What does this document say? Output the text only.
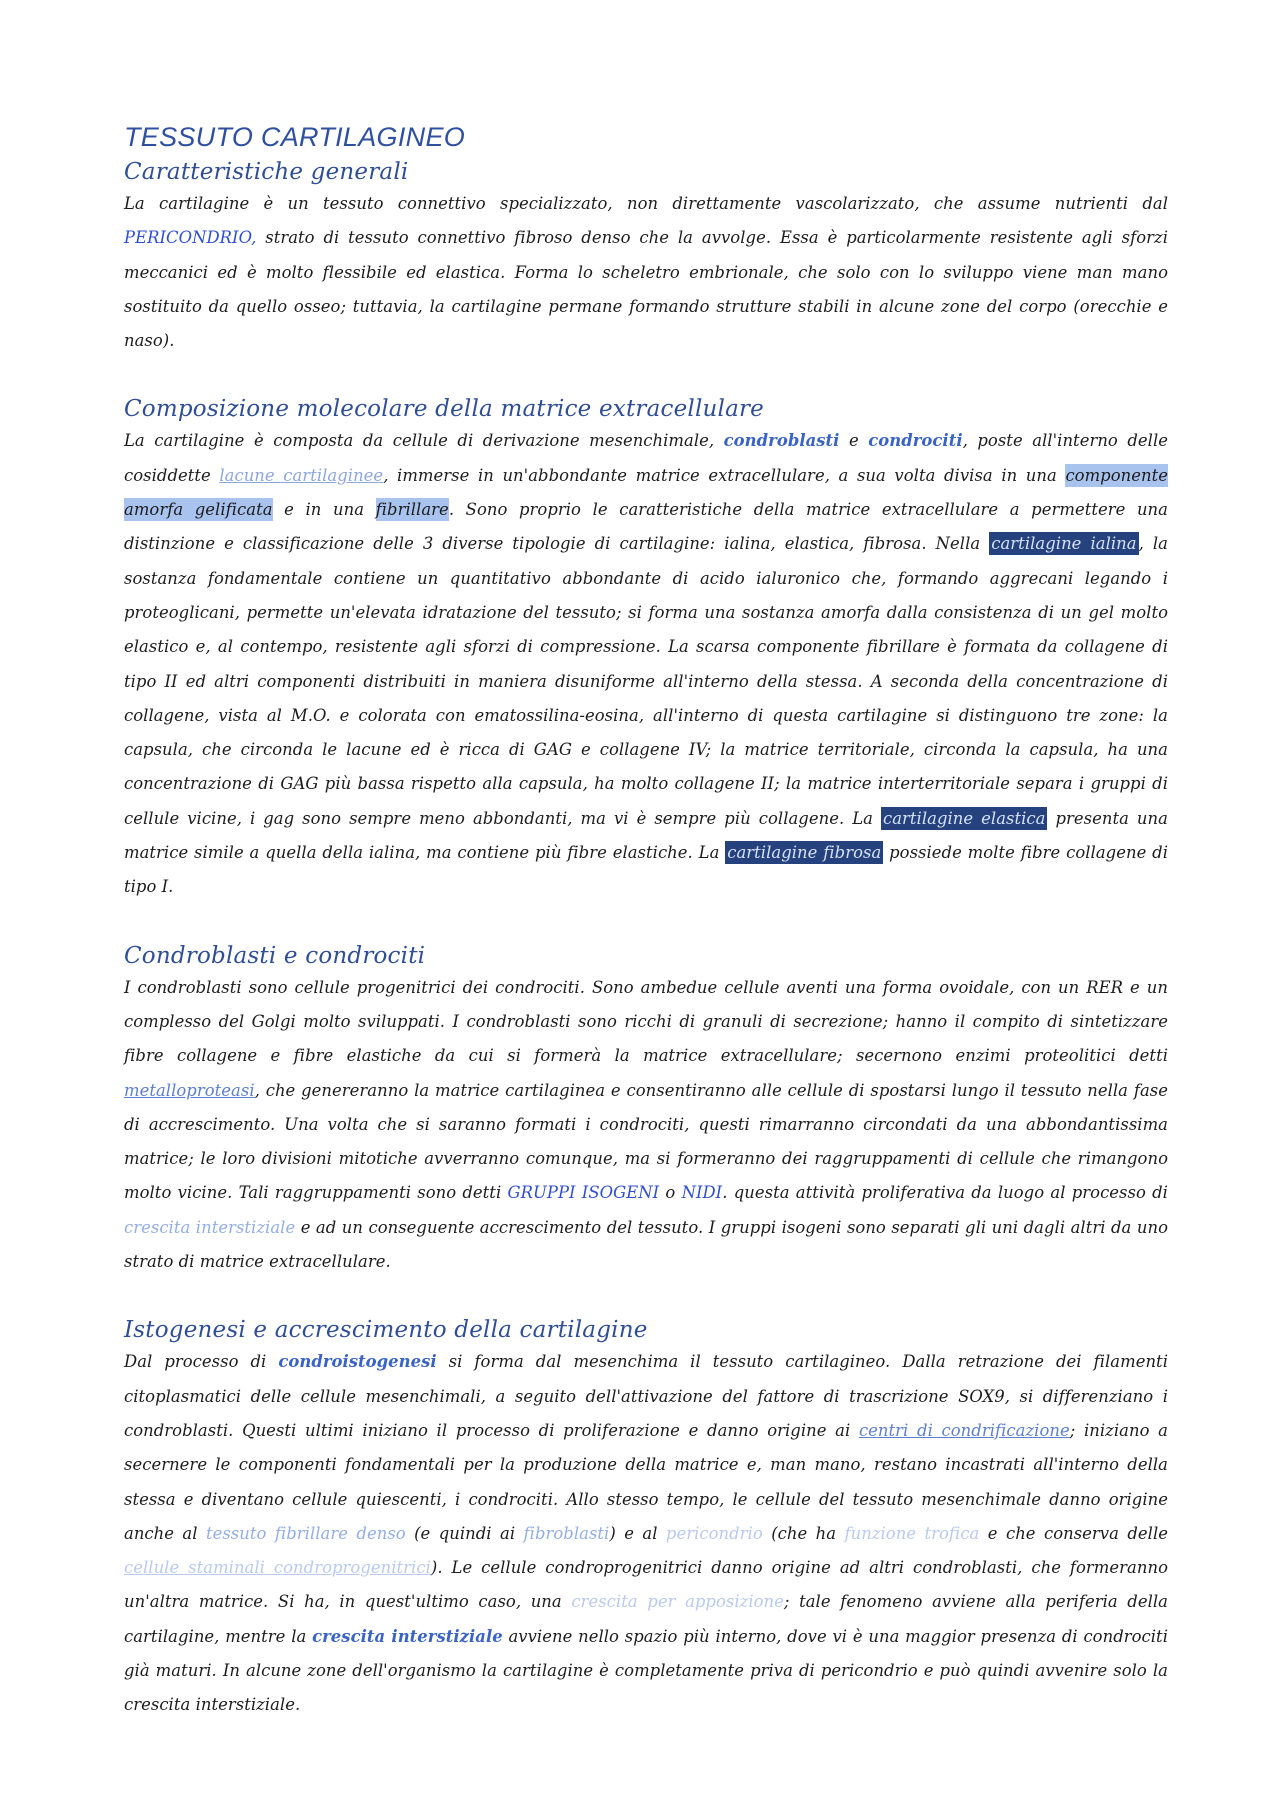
TESSUTO CARTILAGINEO
Caratteristiche generali

La cartilagine è un tessuto connettivo specializzato, non direttamente vascolarizzato, che assume nutrienti dal PERICONDRIO, strato di tessuto connettivo fibroso denso che la avvolge. Essa è particolarmente resistente agli sforzi meccanici ed è molto flessibile ed elastica. Forma lo scheletro embrionale, che solo con lo sviluppo viene man mano sostituito da quello osseo; tuttavia, la cartilagine permane formando strutture stabili in alcune zone del corpo (orecchie e naso).

Composizione molecolare della matrice extracellulare

La cartilagine è composta da cellule di derivazione mesenchimale, condroblasti e condrociti, poste all'interno delle cosiddette lacune cartilaginee, immerse in un'abbondante matrice extracellulare, a sua volta divisa in una componente amorfa gelificata e in una fibrillare. Sono proprio le caratteristiche della matrice extracellulare a permettere una distinzione e classificazione delle 3 diverse tipologie di cartilagine: ialina, elastica, fibrosa. Nella cartilagine ialina , la sostanza fondamentale contiene un quantitativo abbondante di acido ialuronico che, formando aggrecani legando i proteoglicani, permette un'elevata idratazione del tessuto; si forma una sostanza amorfa dalla consistenza di un gel molto elastico e, al contempo, resistente agli sforzi di compressione. La scarsa componente fibrillare è formata da collagene di tipo II ed altri componenti distribuiti in maniera disuniforme all'interno della stessa. A seconda della concentrazione di collagene, vista al M.O. e colorata con ematossilina-eosina, all'interno di questa cartilagine si distinguono tre zone: la capsula, che circonda le lacune ed è ricca di GAG e collagene IV; la matrice territoriale, circonda la capsula, ha una concentrazione di GAG più bassa rispetto alla capsula, ha molto collagene II; la matrice interterritoriale separa i gruppi di cellule vicine, i gag sono sempre meno abbondanti, ma vi è sempre più collagene. La cartilagine elastica presenta una matrice simile a quella della ialina, ma contiene più fibre elastiche. La cartilagine fibrosa possiede molte fibre collagene di tipo I.

Condroblasti e condrociti

I condroblasti sono cellule progenitrici dei condrociti. Sono ambedue cellule aventi una forma ovoidale, con un RER e un complesso del Golgi molto sviluppati. I condroblasti sono ricchi di granuli di secrezione; hanno il compito di sintetizzare fibre collagene e fibre elastiche da cui si formerà la matrice extracellulare; secernono enzimi proteolitici detti metalloproteasi, che genereranno la matrice cartilaginea e consentiranno alle cellule di spostarsi lungo il tessuto nella fase di accrescimento. Una volta che si saranno formati i condrociti, questi rimarranno circondati da una abbondantissima matrice; le loro divisioni mitotiche avverranno comunque, ma si formeranno dei raggruppamenti di cellule che rimangono molto vicine. Tali raggruppamenti sono detti GRUPPI ISOGENI o NIDI. questa attività proliferativa da luogo al processo di crescita interstiziale e ad un conseguente accrescimento del tessuto. I gruppi isogeni sono separati gli uni dagli altri da uno strato di matrice extracellulare.

Istogenesi e accrescimento della cartilagine

Dal processo di condroistogenesi si forma dal mesenchima il tessuto cartilagineo. Dalla retrazione dei filamenti citoplasmatici delle cellule mesenchimali, a seguito dell'attivazione del fattore di trascrizione SOX9, si differenziano i condroblasti. Questi ultimi iniziano il processo di proliferazione e danno origine ai centri di condrificazione; iniziano a secernere le componenti fondamentali per la produzione della matrice e, man mano, restano incastrati all'interno della stessa e diventano cellule quiescenti, i condrociti. Allo stesso tempo, le cellule del tessuto mesenchimale danno origine anche al tessuto fibrillare denso (e quindi ai fibroblasti) e al pericondrio (che ha funzione trofica e che conserva delle cellule staminali condroprogenitrici). Le cellule condroprogenitrici danno origine ad altri condroblasti, che formeranno un'altra matrice. Si ha, in quest'ultimo caso, una crescita per apposizione; tale fenomeno avviene alla periferia della cartilagine, mentre la crescita interstiziale avviene nello spazio più interno, dove vi è una maggior presenza di condrociti già maturi. In alcune zone dell'organismo la cartilagine è completamente priva di pericondrio e può quindi avvenire solo la crescita interstiziale.
